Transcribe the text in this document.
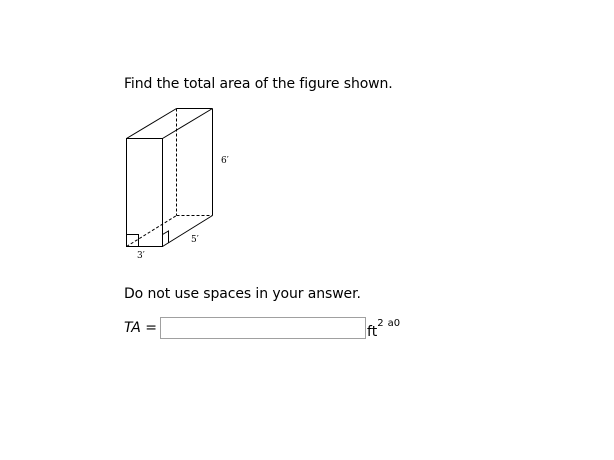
Find the total area of the figure shown.
6′
5′
3′
Do not use spaces in your answer.
TA =	$ft^2$ $^{a0}$
